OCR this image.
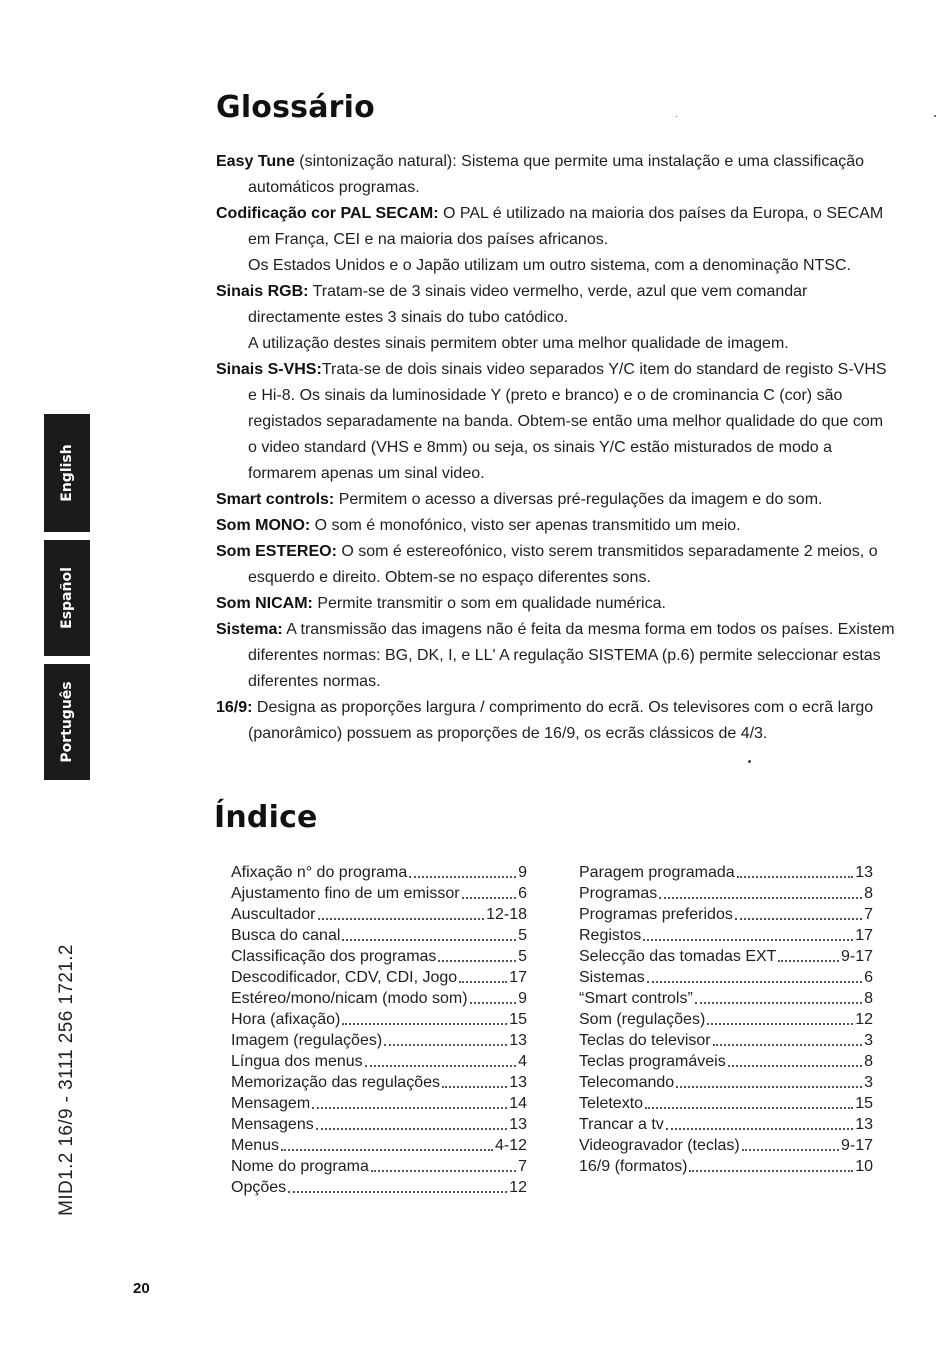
Glossário
Easy Tune (sintonização natural): Sistema que permite uma instalação e uma classificação automáticos programas.
Codificação cor PAL SECAM: O PAL é utilizado na maioria dos países da Europa, o SECAM em França, CEI e na maioria dos países africanos.
Os Estados Unidos e o Japão utilizam um outro sistema, com a denominação NTSC.
Sinais RGB: Tratam-se de 3 sinais video vermelho, verde, azul que vem comandar directamente estes 3 sinais do tubo catódico.
A utilização destes sinais permitem obter uma melhor qualidade de imagem.
Sinais S-VHS:Trata-se de dois sinais video separados Y/C item do standard de registo S-VHS e Hi-8. Os sinais da luminosidade Y (preto e branco) e o de crominancia C (cor) são registados separadamente na banda. Obtem-se então uma melhor qualidade do que com o video standard (VHS e 8mm) ou seja, os sinais Y/C estão misturados de modo a formarem apenas um sinal video.
Smart controls: Permitem o acesso a diversas pré-regulações da imagem e do som.
Som MONO: O som é monofónico, visto ser apenas transmitido um meio.
Som ESTEREO: O som é estereofónico, visto serem transmitidos separadamente 2 meios, o esquerdo e direito. Obtem-se no espaço diferentes sons.
Som NICAM: Permite transmitir o som em qualidade numérica.
Sistema: A transmissão das imagens não é feita da mesma forma em todos os países. Existem diferentes normas: BG, DK, I, e LL' A regulação SISTEMA (p.6) permite seleccionar estas diferentes normas.
16/9: Designa as proporções largura / comprimento do ecrã. Os televisores com o ecrã largo (panorâmico) possuem as proporções de 16/9, os ecrãs clássicos de 4/3.
Índice
Afixação n° do programa	9
Ajustamento fino de um emissor	6
Auscultador	12-18
Busca do canal	5
Classificação dos programas	5
Descodificador, CDV, CDI, Jogo	17
Estéreo/mono/nicam (modo som)	9
Hora (afixação)	15
Imagem (regulações)	13
Língua dos menus	4
Memorização das regulações	13
Mensagem	14
Mensagens	13
Menus	4-12
Nome do programa	7
Opções	12
Paragem programada	13
Programas	8
Programas preferidos	7
Registos	17
Selecção das tomadas EXT	9-17
Sistemas	6
“Smart controls”	8
Som (regulações)	12
Teclas do televisor	3
Teclas programáveis	8
Telecomando	3
Teletexto	15
Trancar a tv	13
Videogravador (teclas)	9-17
16/9 (formatos)	10
English
Español
Português
MID1.2 16/9 - 3111 256 1721.2
20
